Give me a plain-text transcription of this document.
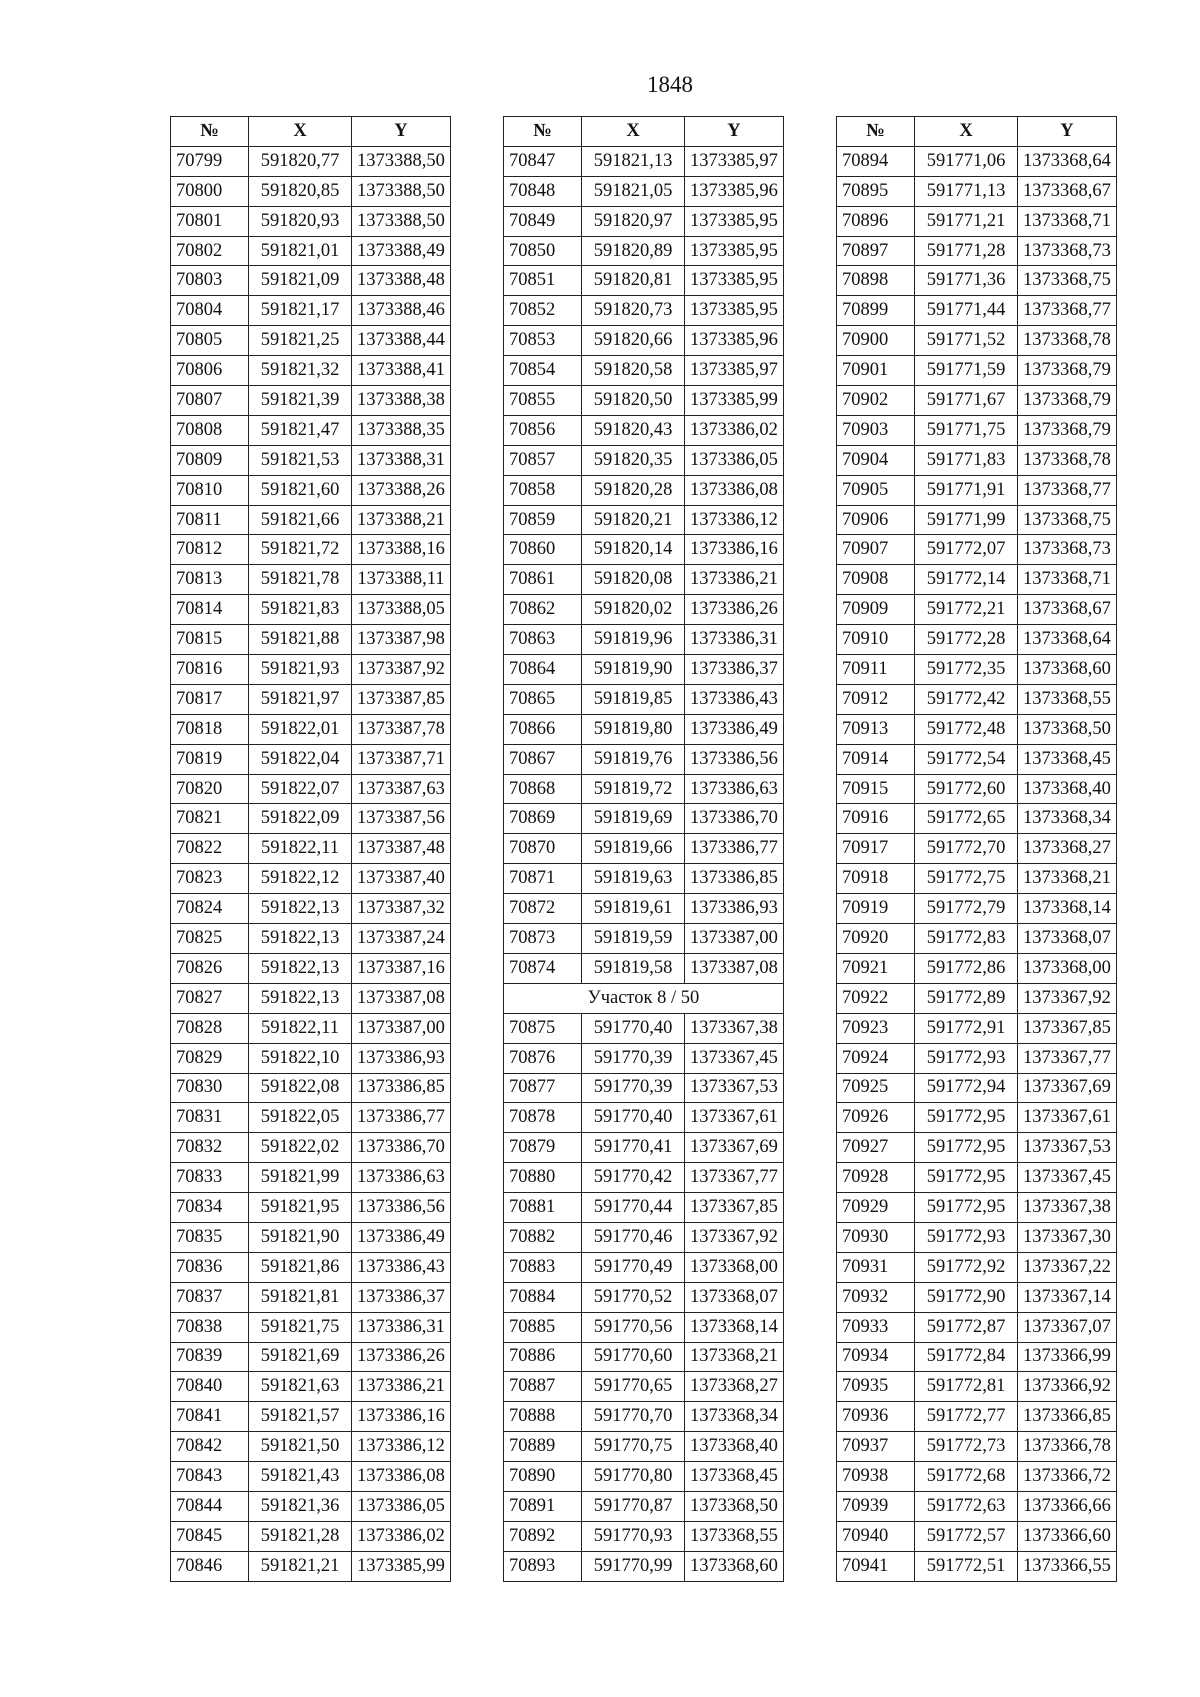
1848
№	X	Y
70799	591820,77	1373388,50
70800	591820,85	1373388,50
70801	591820,93	1373388,50
70802	591821,01	1373388,49
70803	591821,09	1373388,48
70804	591821,17	1373388,46
70805	591821,25	1373388,44
70806	591821,32	1373388,41
70807	591821,39	1373388,38
70808	591821,47	1373388,35
70809	591821,53	1373388,31
70810	591821,60	1373388,26
70811	591821,66	1373388,21
70812	591821,72	1373388,16
70813	591821,78	1373388,11
70814	591821,83	1373388,05
70815	591821,88	1373387,98
70816	591821,93	1373387,92
70817	591821,97	1373387,85
70818	591822,01	1373387,78
70819	591822,04	1373387,71
70820	591822,07	1373387,63
70821	591822,09	1373387,56
70822	591822,11	1373387,48
70823	591822,12	1373387,40
70824	591822,13	1373387,32
70825	591822,13	1373387,24
70826	591822,13	1373387,16
70827	591822,13	1373387,08
70828	591822,11	1373387,00
70829	591822,10	1373386,93
70830	591822,08	1373386,85
70831	591822,05	1373386,77
70832	591822,02	1373386,70
70833	591821,99	1373386,63
70834	591821,95	1373386,56
70835	591821,90	1373386,49
70836	591821,86	1373386,43
70837	591821,81	1373386,37
70838	591821,75	1373386,31
70839	591821,69	1373386,26
70840	591821,63	1373386,21
70841	591821,57	1373386,16
70842	591821,50	1373386,12
70843	591821,43	1373386,08
70844	591821,36	1373386,05
70845	591821,28	1373386,02
70846	591821,21	1373385,99
№	X	Y
70847	591821,13	1373385,97
70848	591821,05	1373385,96
70849	591820,97	1373385,95
70850	591820,89	1373385,95
70851	591820,81	1373385,95
70852	591820,73	1373385,95
70853	591820,66	1373385,96
70854	591820,58	1373385,97
70855	591820,50	1373385,99
70856	591820,43	1373386,02
70857	591820,35	1373386,05
70858	591820,28	1373386,08
70859	591820,21	1373386,12
70860	591820,14	1373386,16
70861	591820,08	1373386,21
70862	591820,02	1373386,26
70863	591819,96	1373386,31
70864	591819,90	1373386,37
70865	591819,85	1373386,43
70866	591819,80	1373386,49
70867	591819,76	1373386,56
70868	591819,72	1373386,63
70869	591819,69	1373386,70
70870	591819,66	1373386,77
70871	591819,63	1373386,85
70872	591819,61	1373386,93
70873	591819,59	1373387,00
70874	591819,58	1373387,08
Участок 8 / 50		
70875	591770,40	1373367,38
70876	591770,39	1373367,45
70877	591770,39	1373367,53
70878	591770,40	1373367,61
70879	591770,41	1373367,69
70880	591770,42	1373367,77
70881	591770,44	1373367,85
70882	591770,46	1373367,92
70883	591770,49	1373368,00
70884	591770,52	1373368,07
70885	591770,56	1373368,14
70886	591770,60	1373368,21
70887	591770,65	1373368,27
70888	591770,70	1373368,34
70889	591770,75	1373368,40
70890	591770,80	1373368,45
70891	591770,87	1373368,50
70892	591770,93	1373368,55
70893	591770,99	1373368,60
№	X	Y
70894	591771,06	1373368,64
70895	591771,13	1373368,67
70896	591771,21	1373368,71
70897	591771,28	1373368,73
70898	591771,36	1373368,75
70899	591771,44	1373368,77
70900	591771,52	1373368,78
70901	591771,59	1373368,79
70902	591771,67	1373368,79
70903	591771,75	1373368,79
70904	591771,83	1373368,78
70905	591771,91	1373368,77
70906	591771,99	1373368,75
70907	591772,07	1373368,73
70908	591772,14	1373368,71
70909	591772,21	1373368,67
70910	591772,28	1373368,64
70911	591772,35	1373368,60
70912	591772,42	1373368,55
70913	591772,48	1373368,50
70914	591772,54	1373368,45
70915	591772,60	1373368,40
70916	591772,65	1373368,34
70917	591772,70	1373368,27
70918	591772,75	1373368,21
70919	591772,79	1373368,14
70920	591772,83	1373368,07
70921	591772,86	1373368,00
70922	591772,89	1373367,92
70923	591772,91	1373367,85
70924	591772,93	1373367,77
70925	591772,94	1373367,69
70926	591772,95	1373367,61
70927	591772,95	1373367,53
70928	591772,95	1373367,45
70929	591772,95	1373367,38
70930	591772,93	1373367,30
70931	591772,92	1373367,22
70932	591772,90	1373367,14
70933	591772,87	1373367,07
70934	591772,84	1373366,99
70935	591772,81	1373366,92
70936	591772,77	1373366,85
70937	591772,73	1373366,78
70938	591772,68	1373366,72
70939	591772,63	1373366,66
70940	591772,57	1373366,60
70941	591772,51	1373366,55
